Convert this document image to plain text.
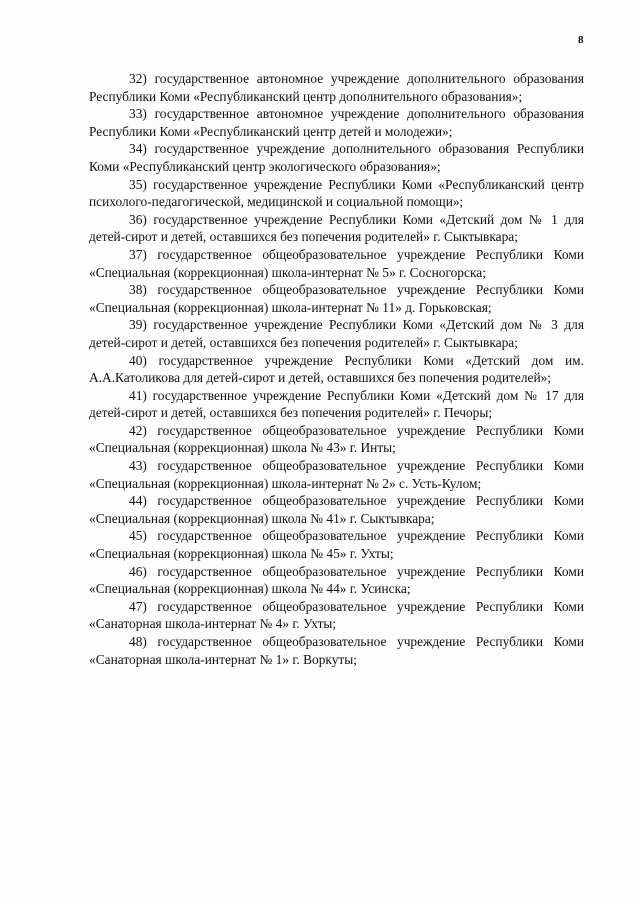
8

32) государственное автономное учреждение дополнительного образования Республики Коми «Республиканский центр дополнительного образования»;

33) государственное автономное учреждение дополнительного образования Республики Коми «Республиканский центр детей и молодежи»;

34) государственное учреждение дополнительного образования Республики Коми «Республиканский центр экологического образования»;

35) государственное учреждение Республики Коми «Республиканский центр психолого-педагогической, медицинской и социальной помощи»;

36) государственное учреждение Республики Коми «Детский дом № 1 для детей-сирот и детей, оставшихся без попечения родителей» г. Сыктывкара;

37) государственное общеобразовательное учреждение Республики Коми «Специальная (коррекционная) школа-интернат № 5» г. Сосногорска;

38) государственное общеобразовательное учреждение Республики Коми «Специальная (коррекционная) школа-интернат № 11» д. Горьковская;

39) государственное учреждение Республики Коми «Детский дом № 3 для детей-сирот и детей, оставшихся без попечения родителей» г. Сыктывкара;

40) государственное учреждение Республики Коми «Детский дом им. А.А.Католикова для детей-сирот и детей, оставшихся без попечения родителей»;

41) государственное учреждение Республики Коми «Детский дом № 17 для детей-сирот и детей, оставшихся без попечения родителей» г. Печоры;

42) государственное общеобразовательное учреждение Республики Коми «Специальная (коррекционная) школа № 43» г. Инты;

43) государственное общеобразовательное учреждение Республики Коми «Специальная (коррекционная) школа-интернат № 2» с. Усть-Кулом;

44) государственное общеобразовательное учреждение Республики Коми «Специальная (коррекционная) школа № 41» г. Сыктывкара;

45) государственное общеобразовательное учреждение Республики Коми «Специальная (коррекционная) школа № 45» г. Ухты;

46) государственное общеобразовательное учреждение Республики Коми «Специальная (коррекционная) школа № 44» г. Усинска;

47) государственное общеобразовательное учреждение Республики Коми «Санаторная школа-интернат № 4» г. Ухты;

48) государственное общеобразовательное учреждение Республики Коми «Санаторная школа-интернат № 1» г. Воркуты;
